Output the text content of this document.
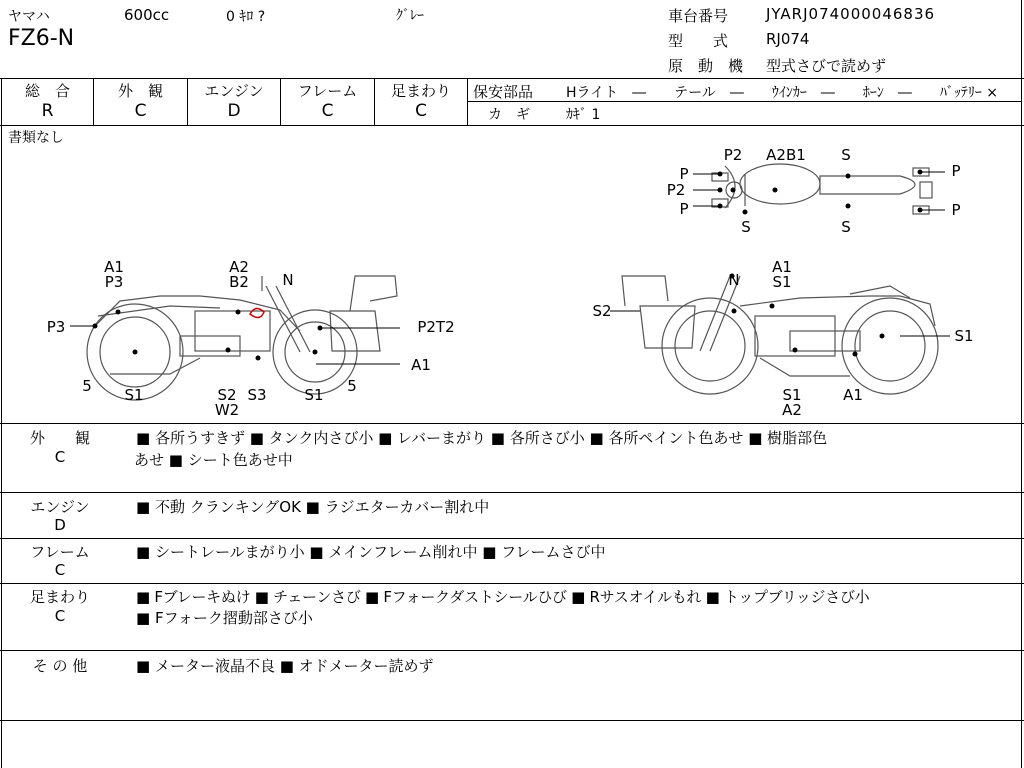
ヤマハ	600cc	0 ｷﾛ ?	ｸﾞﾚｰ
FZ6-N
車台番号	JYARJ074000046836
型　　式	RJ074
原　動　機 型式さびで読めず
総　合
R
外　観
C
エンジン
D
フレーム
C
足まわり
C
保安部品 Hライト　―　　テール　―　　ｳｲﾝｶｰ　―　　ﾎｰﾝ　―　　ﾊﾞｯﾃﾘｰ ×
カ　ギ	ｶｷﾞ 1
書類なし
P2 A2B1 S
P
P2
P
P
S	S
P
A1
P3
A2
B2 N
P3	P2T2
5 S1	S2 S3
W2
S1 5
A1
N
A1
S1
S2
S1
S1
A2
A1
外　　観
C
■ 各所うすきず ■ タンク内さび小 ■ レバーまがり ■ 各所さび小 ■ 各所ペイント色あせ ■ 樹脂部色
あせ ■ シート色あせ中
エンジン
D
■ 不動 クランキングOK ■ ラジエターカバー割れ中
フレーム
C
■ シートレールまがり小 ■ メインフレーム削れ中 ■ フレームさび中
足まわり
C
■ Fブレーキぬけ ■ チェーンさび ■ Fフォークダストシールひび ■ Rサスオイルもれ ■ トップブリッジさび小
■ Fフォーク摺動部さび小
そ の 他	■ メーター液晶不良 ■ オドメーター読めず
